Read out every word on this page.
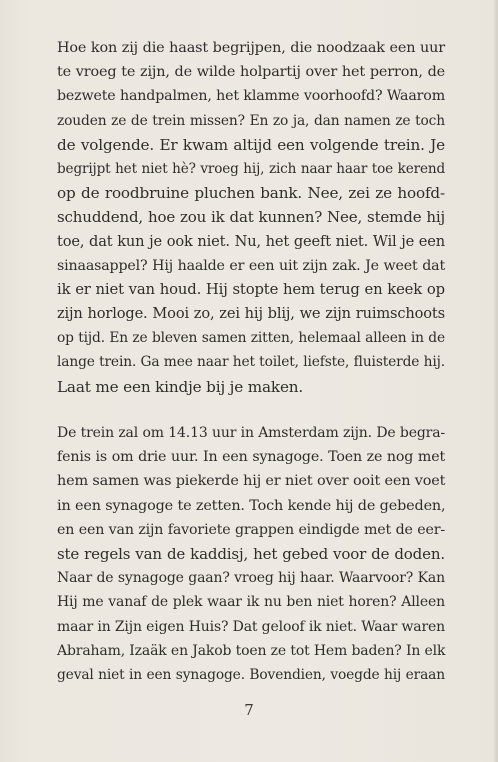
Hoe kon zij die haast begrijpen, die noodzaak een uur
te vroeg te zijn, de wilde holpartij over het perron, de
bezwete handpalmen, het klamme voorhoofd? Waarom
zouden ze de trein missen? En zo ja, dan namen ze toch
de volgende. Er kwam altijd een volgende trein. Je
begrijpt het niet hè? vroeg hij, zich naar haar toe kerend
op de roodbruine pluchen bank. Nee, zei ze hoofd-
schuddend, hoe zou ik dat kunnen? Nee, stemde hij
toe, dat kun je ook niet. Nu, het geeft niet. Wil je een
sinaasappel? Hij haalde er een uit zijn zak. Je weet dat
ik er niet van houd. Hij stopte hem terug en keek op
zijn horloge. Mooi zo, zei hij blij, we zijn ruimschoots
op tijd. En ze bleven samen zitten, helemaal alleen in de
lange trein. Ga mee naar het toilet, liefste, fluisterde hij.
Laat me een kindje bij je maken.
De trein zal om 14.13 uur in Amsterdam zijn. De begra-
fenis is om drie uur. In een synagoge. Toen ze nog met
hem samen was piekerde hij er niet over ooit een voet
in een synagoge te zetten. Toch kende hij de gebeden,
en een van zijn favoriete grappen eindigde met de eer-
ste regels van de kaddisj, het gebed voor de doden.
Naar de synagoge gaan? vroeg hij haar. Waarvoor? Kan
Hij me vanaf de plek waar ik nu ben niet horen? Alleen
maar in Zijn eigen Huis? Dat geloof ik niet. Waar waren
Abraham, Izaäk en Jakob toen ze tot Hem baden? In elk
geval niet in een synagoge. Bovendien, voegde hij eraan
7
